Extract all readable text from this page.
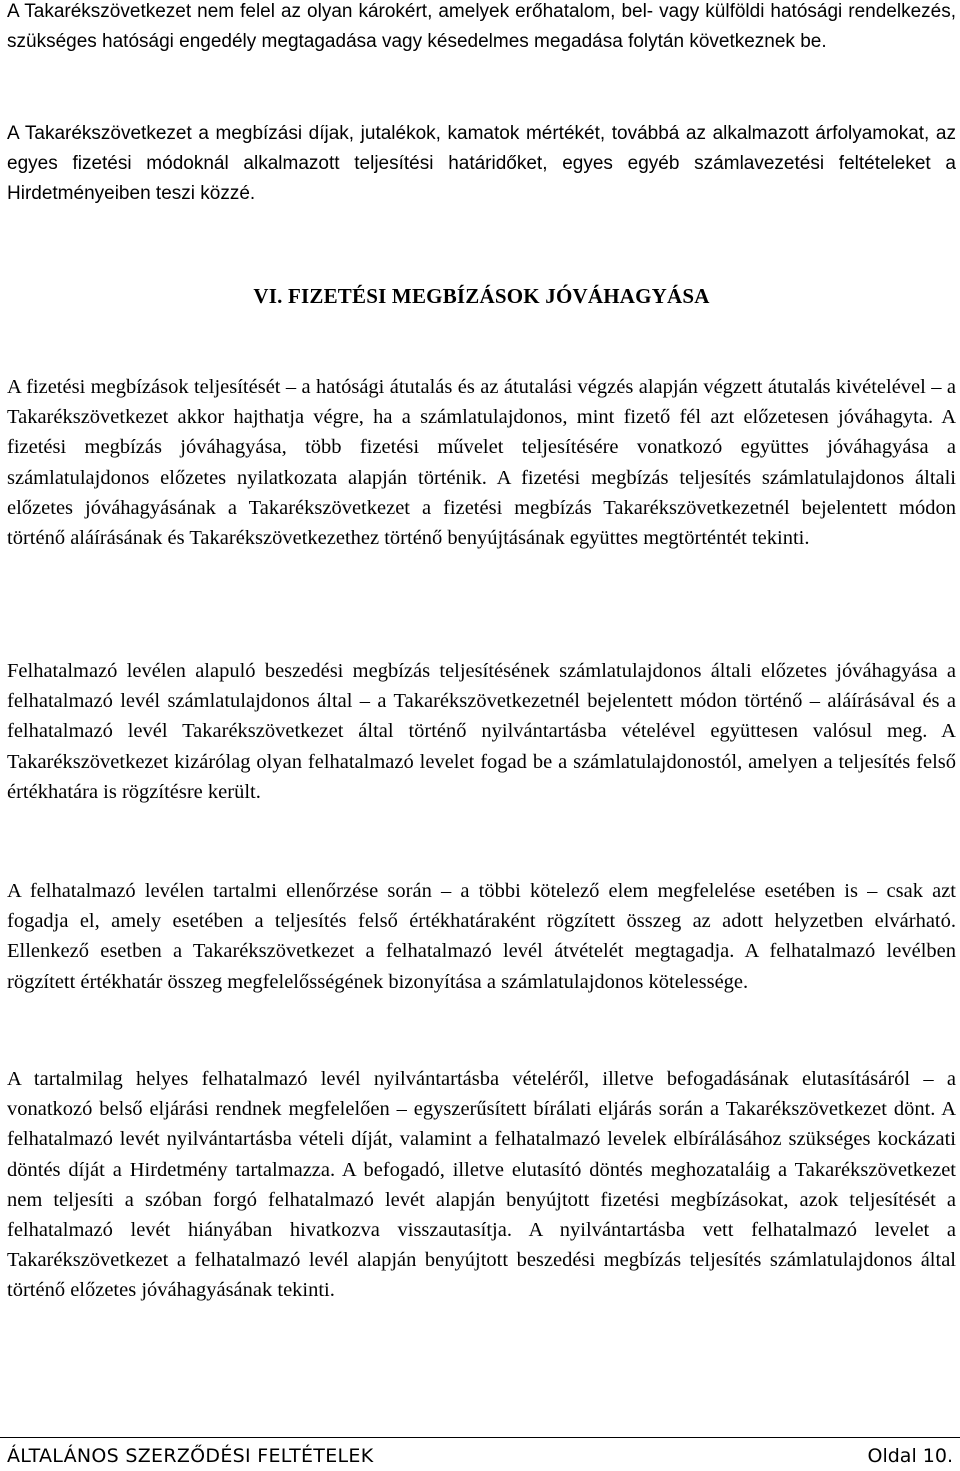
A Takarékszövetkezet nem felel az olyan károkért, amelyek erőhatalom, bel- vagy külföldi hatósági rendelkezés, szükséges hatósági engedély megtagadása vagy késedelmes megadása folytán következnek be.

A Takarékszövetkezet a megbízási díjak, jutalékok, kamatok mértékét, továbbá az alkalmazott árfolyamokat, az egyes fizetési módoknál alkalmazott teljesítési határidőket, egyes egyéb számlavezetési feltételeket a Hirdetményeiben teszi közzé.

VI. FIZETÉSI MEGBÍZÁSOK JÓVÁHAGYÁSA

A fizetési megbízások teljesítését – a hatósági átutalás és az átutalási végzés alapján végzett átutalás kivételével – a Takarékszövetkezet akkor hajthatja végre, ha a számlatulajdonos, mint fizető fél azt előzetesen jóváhagyta. A fizetési megbízás jóváhagyása, több fizetési művelet teljesítésére vonatkozó együttes jóváhagyása a számlatulajdonos előzetes nyilatkozata alapján történik. A fizetési megbízás teljesítés számlatulajdonos általi előzetes jóváhagyásának a Takarékszövetkezet a fizetési megbízás Takarékszövetkezetnél bejelentett módon történő aláírásának és Takarékszövetkezethez történő benyújtásának együttes megtörténtét tekinti.

Felhatalmazó levélen alapuló beszedési megbízás teljesítésének számlatulajdonos általi előzetes jóváhagyása a felhatalmazó levél számlatulajdonos által – a Takarékszövetkezetnél bejelentett módon történő – aláírásával és a felhatalmazó levél Takarékszövetkezet által történő nyilvántartásba vételével együttesen valósul meg. A Takarékszövetkezet kizárólag olyan felhatalmazó levelet fogad be a számlatulajdonostól, amelyen a teljesítés felső értékhatára is rögzítésre került.

A felhatalmazó levélen tartalmi ellenőrzése során – a többi kötelező elem megfelelése esetében is – csak azt fogadja el, amely esetében a teljesítés felső értékhatáraként rögzített összeg az adott helyzetben elvárható. Ellenkező esetben a Takarékszövetkezet a felhatalmazó levél átvételét megtagadja. A felhatalmazó levélben rögzített értékhatár összeg megfelelősségének bizonyítása a számlatulajdonos kötelessége.

A tartalmilag helyes felhatalmazó levél nyilvántartásba vételéről, illetve befogadásának elutasításáról – a vonatkozó belső eljárási rendnek megfelelően – egyszerűsített bírálati eljárás során a Takarékszövetkezet dönt. A felhatalmazó levét nyilvántartásba vételi díját, valamint a felhatalmazó levelek elbírálásához szükséges kockázati döntés díját a Hirdetmény tartalmazza. A befogadó, illetve elutasító döntés meghozataláig a Takarékszövetkezet nem teljesíti a szóban forgó felhatalmazó levét alapján benyújtott fizetési megbízásokat, azok teljesítését a felhatalmazó levét hiányában hivatkozva visszautasítja. A nyilvántartásba vett felhatalmazó levelet a Takarékszövetkezet a felhatalmazó levél alapján benyújtott beszedési megbízás teljesítés számlatulajdonos által történő előzetes jóváhagyásának tekinti.

ÁLTALÁNOS SZERZŐDÉSI FELTÉTELEK	Oldal 10.
